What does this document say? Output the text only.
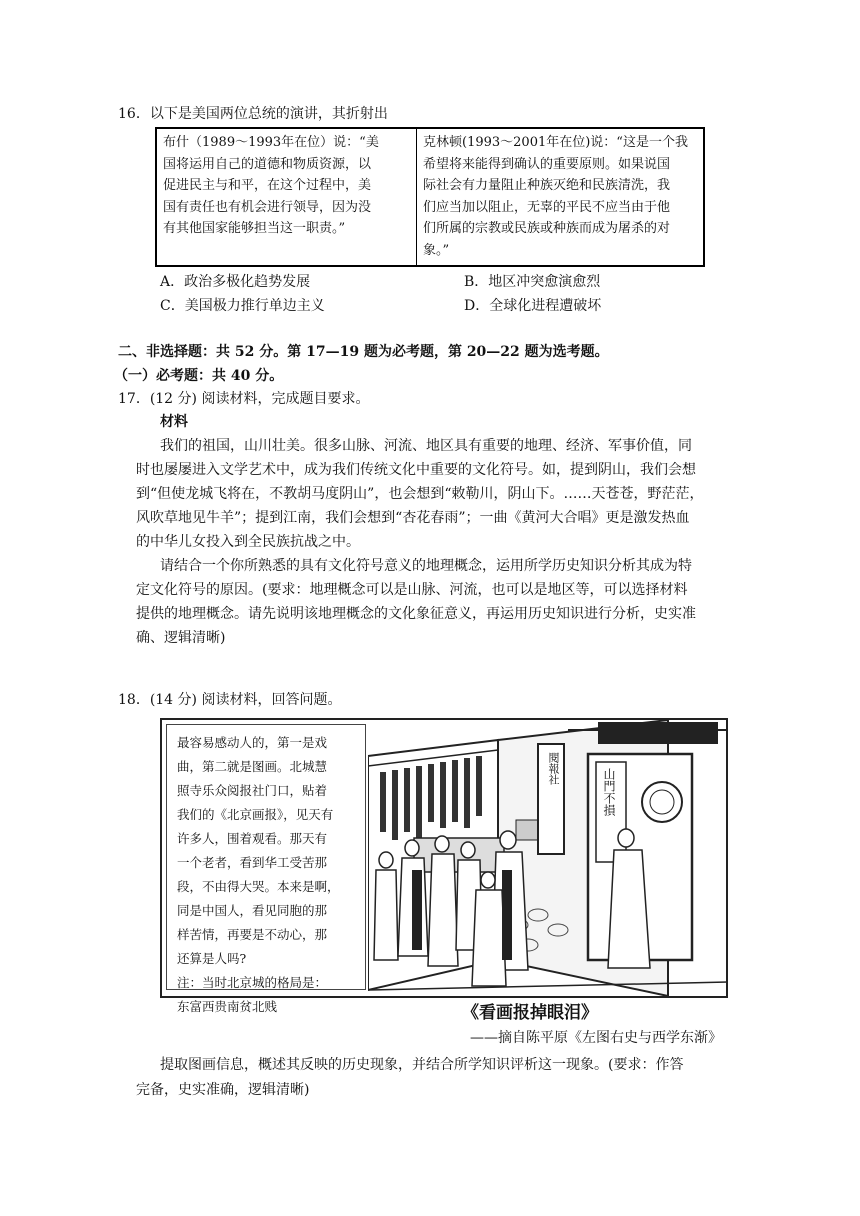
16．以下是美国两位总统的演讲，其折射出
布什（1989～1993年在位）说：“美
国将运用自己的道德和物质资源，以
促进民主与和平，在这个过程中，美
国有责任也有机会进行领导，因为没
有其他国家能够担当这一职责。”
克林顿(1993～2001年在位)说：“这是一个我
希望将来能得到确认的重要原则。如果说国
际社会有力量阻止种族灭绝和民族清洗，我
们应当加以阻止，无辜的平民不应当由于他
们所属的宗教或民族或种族而成为屠杀的对
象。”
A．政治多极化趋势发展	B．地区冲突愈演愈烈
C．美国极力推行单边主义	D．全球化进程遭破坏
二、非选择题：共 52 分。第 17—19 题为必考题，第 20—22 题为选考题。
（一）必考题：共 40 分。
17．(12 分) 阅读材料，完成题目要求。
材料
我们的祖国，山川壮美。很多山脉、河流、地区具有重要的地理、经济、军事价值，同
时也屡屡进入文学艺术中，成为我们传统文化中重要的文化符号。如，提到阴山，我们会想
到“但使龙城飞将在，不教胡马度阴山”，也会想到“敕勒川，阴山下。……天苍苍，野茫茫，
风吹草地见牛羊”；提到江南，我们会想到“杏花春雨”；一曲《黄河大合唱》更是激发热血
的中华儿女投入到全民族抗战之中。
请结合一个你所熟悉的具有文化符号意义的地理概念，运用所学历史知识分析其成为特
定文化符号的原因。(要求：地理概念可以是山脉、河流，也可以是地区等，可以选择材料
提供的地理概念。请先说明该地理概念的文化象征意义，再运用历史知识进行分析，史实准
确、逻辑清晰)
18．(14 分) 阅读材料，回答问题。
最容易感动人的，第一是戏
曲，第二就是图画。北城慧
照寺乐众阅报社门口，贴着
我们的《北京画报》，见天有
许多人，围着观看。那天有
一个老者，看到华工受苦那
段，不由得大哭。本来是啊，
同是中国人，看见同胞的那
样苦情，再要是不动心，那
还算是人吗?
注：当时北京城的格局是：
东富西贵南贫北贱
山門不損
閱報社
《看画报掉眼泪》
——摘自陈平原《左图右史与西学东渐》
提取图画信息，概述其反映的历史现象，并结合所学知识评析这一现象。(要求：作答
完备，史实准确，逻辑清晰)
